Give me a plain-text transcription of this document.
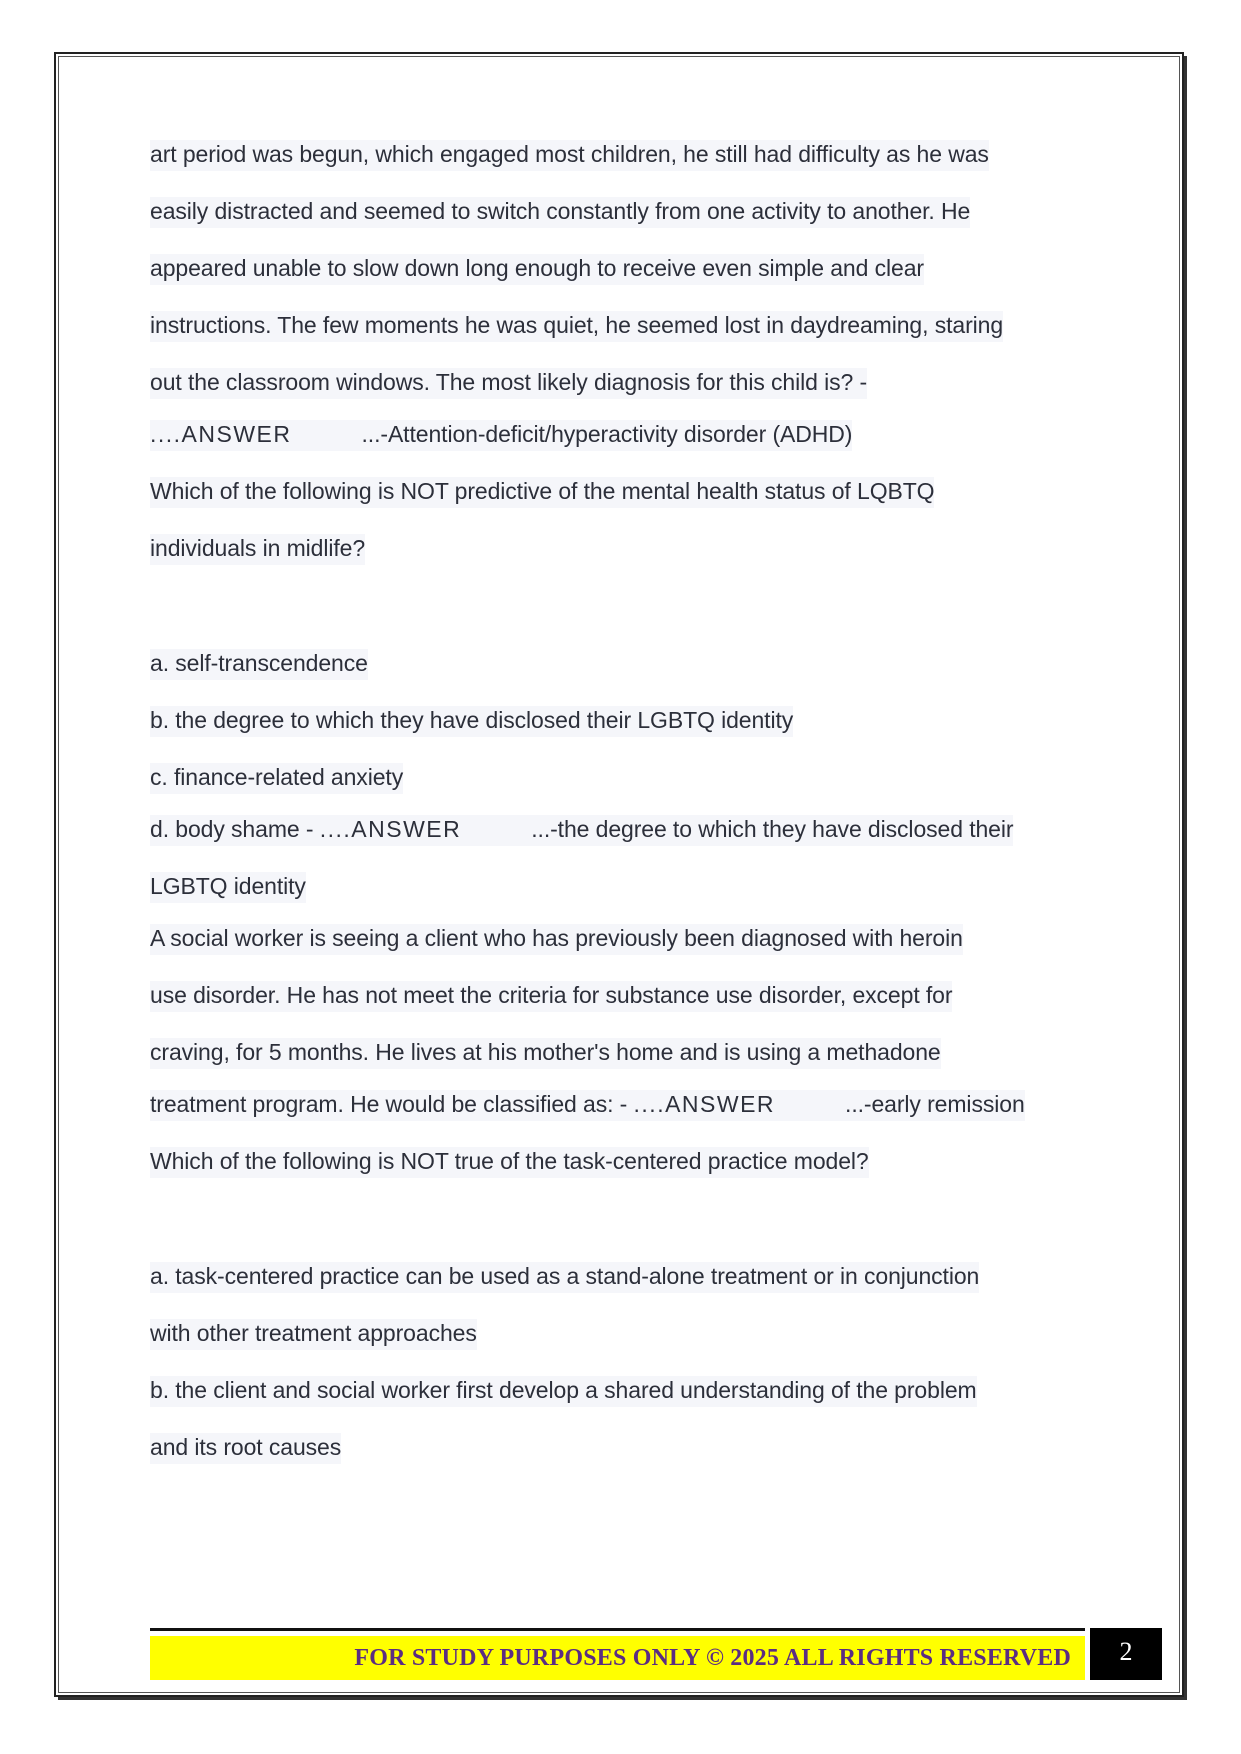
art period was begun, which engaged most children, he still had difficulty as he was
easily distracted and seemed to switch constantly from one activity to another. He
appeared unable to slow down long enough to receive even simple and clear
instructions. The few moments he was quiet, he seemed lost in daydreaming, staring
out the classroom windows. The most likely diagnosis for this child is? -
....ANSWER	...-Attention-deficit/hyperactivity disorder (ADHD)
Which of the following is NOT predictive of the mental health status of LQBTQ
individuals in midlife?
a. self-transcendence
b. the degree to which they have disclosed their LGBTQ identity
c. finance-related anxiety
d. body shame - ....ANSWER	...-the degree to which they have disclosed their
LGBTQ identity
A social worker is seeing a client who has previously been diagnosed with heroin
use disorder. He has not meet the criteria for substance use disorder, except for
craving, for 5 months. He lives at his mother's home and is using a methadone
treatment program. He would be classified as: - ....ANSWER	...-early remission
Which of the following is NOT true of the task-centered practice model?
a. task-centered practice can be used as a stand-alone treatment or in conjunction
with other treatment approaches
b. the client and social worker first develop a shared understanding of the problem
and its root causes
FOR STUDY PURPOSES ONLY © 2025 ALL RIGHTS RESERVED	2
